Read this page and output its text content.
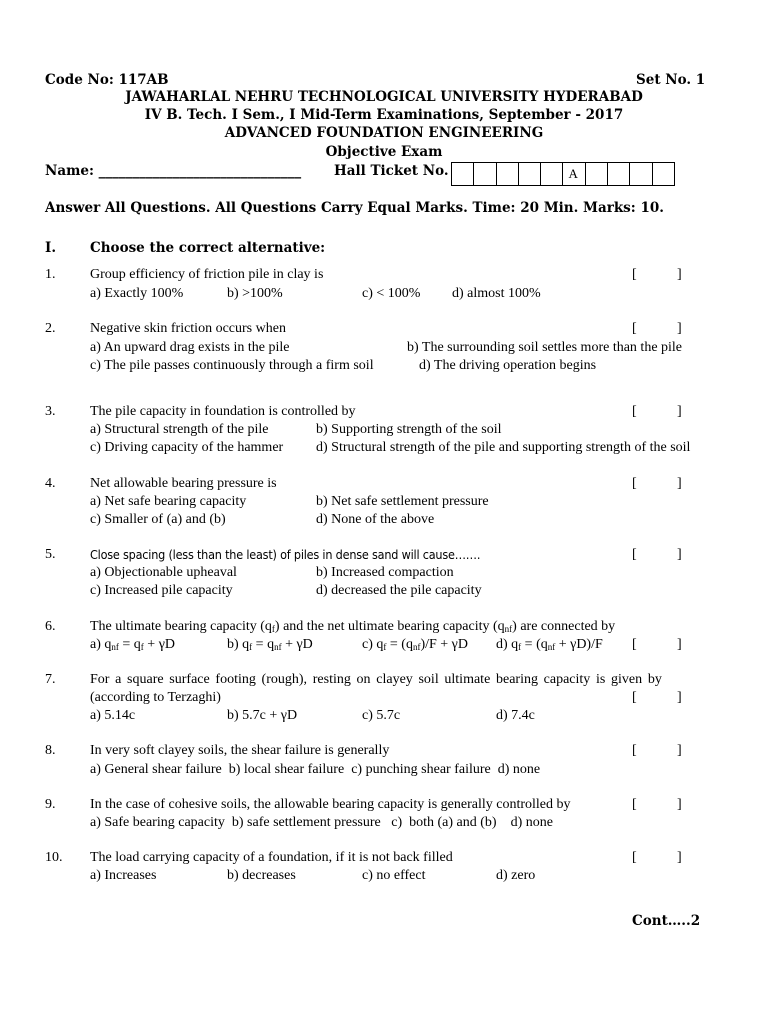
Code No: 117AB	Set No. 1
JAWAHARLAL NEHRU TECHNOLOGICAL UNIVERSITY HYDERABAD
IV B. Tech. I Sem., I Mid-Term Examinations, September - 2017
ADVANCED FOUNDATION ENGINEERING
Objective Exam
Name: ______________________________ Hall Ticket No.	A
Answer All Questions. All Questions Carry Equal Marks. Time: 20 Min. Marks: 10.
I.	Choose the correct alternative:
1. Group efficiency of friction pile in clay is	[	]
a) Exactly 100%	b) >100%	c) < 100% d) almost 100%
2. Negative skin friction occurs when	[	]
a) An upward drag exists in the pile	b) The surrounding soil settles more than the pile
c) The pile passes continuously through a firm soil	d) The driving operation begins
3. The pile capacity in foundation is controlled by	[	]
a) Structural strength of the pile	b) Supporting strength of the soil
c) Driving capacity of the hammer d) Structural strength of the pile and supporting strength of the soil
4. Net allowable bearing pressure is	[	]
a) Net safe bearing capacity	b) Net safe settlement pressure
c) Smaller of (a) and (b)	d) None of the above
5.	Close spacing (less than the least) of piles in dense sand will cause…….	[	]
a) Objectionable upheaval	b) Increased compaction
c) Increased pile capacity	d) decreased the pile capacity
6. The ultimate bearing capacity $(q_f)$ and the net ultimate bearing capacity $(q_{nf})$ are connected by
a) $q_{nf} = q_f + \gamma D$	b) $q_f = q_{nf} + \gamma D$	c) $q_f = (q_{nf})/F + \gamma D$ d) $q_f = (q_{nf} + \gamma D)/F$ [	]
7. For a square surface footing (rough), resting on clayey soil ultimate bearing capacity is given by
(according to Terzaghi)	[	]
a) 5.14c	b) 5.7c + γD	c) 5.7c	d) 7.4c
8. In very soft clayey soils, the shear failure is generally	[	]
a) General shear failure  b) local shear failure  c) punching shear failure  d) none
9. In the case of cohesive soils, the allowable bearing capacity is generally controlled by	[	]
a) Safe bearing capacity  b) safe settlement pressure   c)  both (a) and (b)    d) none
10. The load carrying capacity of a foundation, if it is not back filled	[	]
a) Increases	b) decreases	c) no effect	d) zero
Cont…..2
